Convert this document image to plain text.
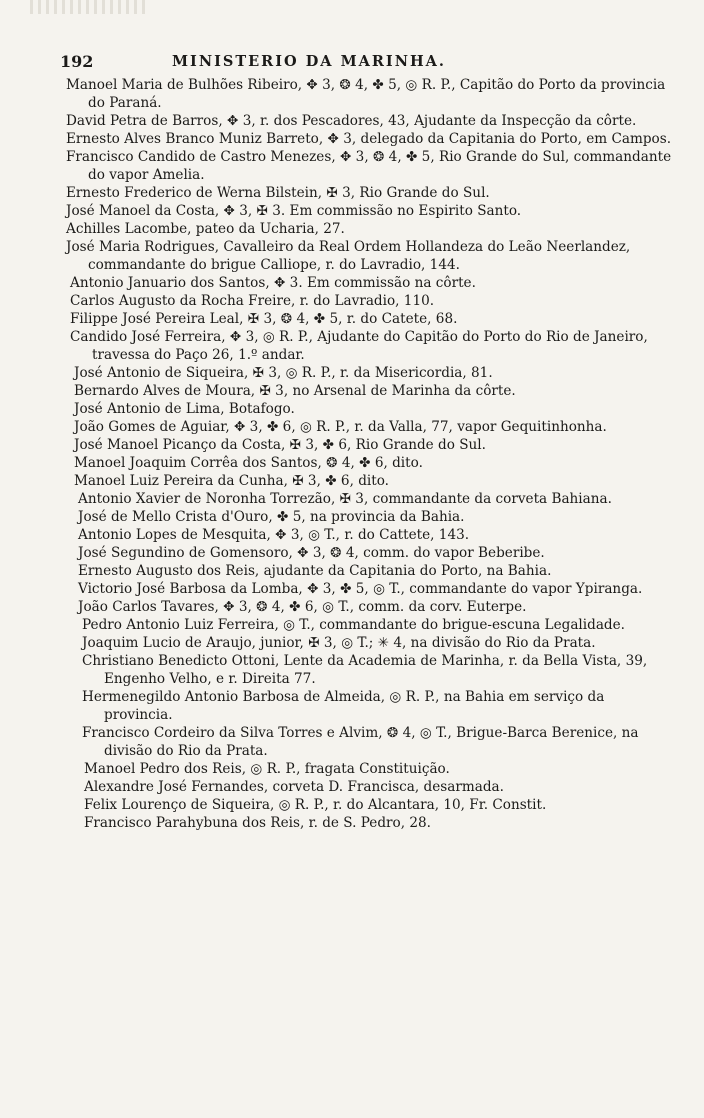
192	MINISTERIO DA MARINHA.

Manoel Maria de Bulhões Ribeiro, ✥ 3, ❂ 4, ✤ 5, ◎ R. P., Capitão do Porto da provincia do Paraná.

David Petra de Barros, ✥ 3, r. dos Pescadores, 43, Ajudante da Inspecção da côrte.

Ernesto Alves Branco Muniz Barreto, ✥ 3, delegado da Capitania do Porto, em Campos.

Francisco Candido de Castro Menezes, ✥ 3, ❂ 4, ✤ 5, Rio Grande do Sul, commandante do vapor Amelia.

Ernesto Frederico de Werna Bilstein, ✠ 3, Rio Grande do Sul.

José Manoel da Costa, ✥ 3, ✠ 3. Em commissão no Espirito Santo.

Achilles Lacombe, pateo da Ucharia, 27.

José Maria Rodrigues, Cavalleiro da Real Ordem Hollandeza do Leão Neerlandez, commandante do brigue Calliope, r. do Lavradio, 144.

Antonio Januario dos Santos, ✥ 3. Em commissão na côrte.

Carlos Augusto da Rocha Freire, r. do Lavradio, 110.

Filippe José Pereira Leal, ✠ 3, ❂ 4, ✤ 5, r. do Catete, 68.

Candido José Ferreira, ✥ 3, ◎ R. P., Ajudante do Capitão do Porto do Rio de Janeiro, travessa do Paço 26, 1.º andar.

José Antonio de Siqueira, ✠ 3, ◎ R. P., r. da Misericordia, 81.

Bernardo Alves de Moura, ✠ 3, no Arsenal de Marinha da côrte.

José Antonio de Lima, Botafogo.

João Gomes de Aguiar, ✥ 3, ✤ 6, ◎ R. P., r. da Valla, 77, vapor Gequitinhonha.

José Manoel Picanço da Costa, ✠ 3, ✤ 6, Rio Grande do Sul.

Manoel Joaquim Corrêa dos Santos, ❂ 4, ✤ 6, dito.

Manoel Luiz Pereira da Cunha, ✠ 3, ✤ 6, dito.

Antonio Xavier de Noronha Torrezão, ✠ 3, commandante da corveta Bahiana.

José de Mello Crista d'Ouro, ✤ 5, na provincia da Bahia.

Antonio Lopes de Mesquita, ✥ 3, ◎ T., r. do Cattete, 143.

José Segundino de Gomensoro, ✥ 3, ❂ 4, comm. do vapor Beberibe.

Ernesto Augusto dos Reis, ajudante da Capitania do Porto, na Bahia.

Victorio José Barbosa da Lomba, ✥ 3, ✤ 5, ◎ T., commandante do vapor Ypiranga.

João Carlos Tavares, ✥ 3, ❂ 4, ✤ 6, ◎ T., comm. da corv. Euterpe.

Pedro Antonio Luiz Ferreira, ◎ T., commandante do brigue-escuna Legalidade.

Joaquim Lucio de Araujo, junior, ✠ 3, ◎ T.; ✳ 4, na divisão do Rio da Prata.

Christiano Benedicto Ottoni, Lente da Academia de Marinha, r. da Bella Vista, 39, Engenho Velho, e r. Direita 77.

Hermenegildo Antonio Barbosa de Almeida, ◎ R. P., na Bahia em serviço da provincia.

Francisco Cordeiro da Silva Torres e Alvim, ❂ 4, ◎ T., Brigue-Barca Berenice, na divisão do Rio da Prata.

Manoel Pedro dos Reis, ◎ R. P., fragata Constituição.

Alexandre José Fernandes, corveta D. Francisca, desarmada.

Felix Lourenço de Siqueira, ◎ R. P., r. do Alcantara, 10, Fr. Constit.

Francisco Parahybuna dos Reis, r. de S. Pedro, 28.
